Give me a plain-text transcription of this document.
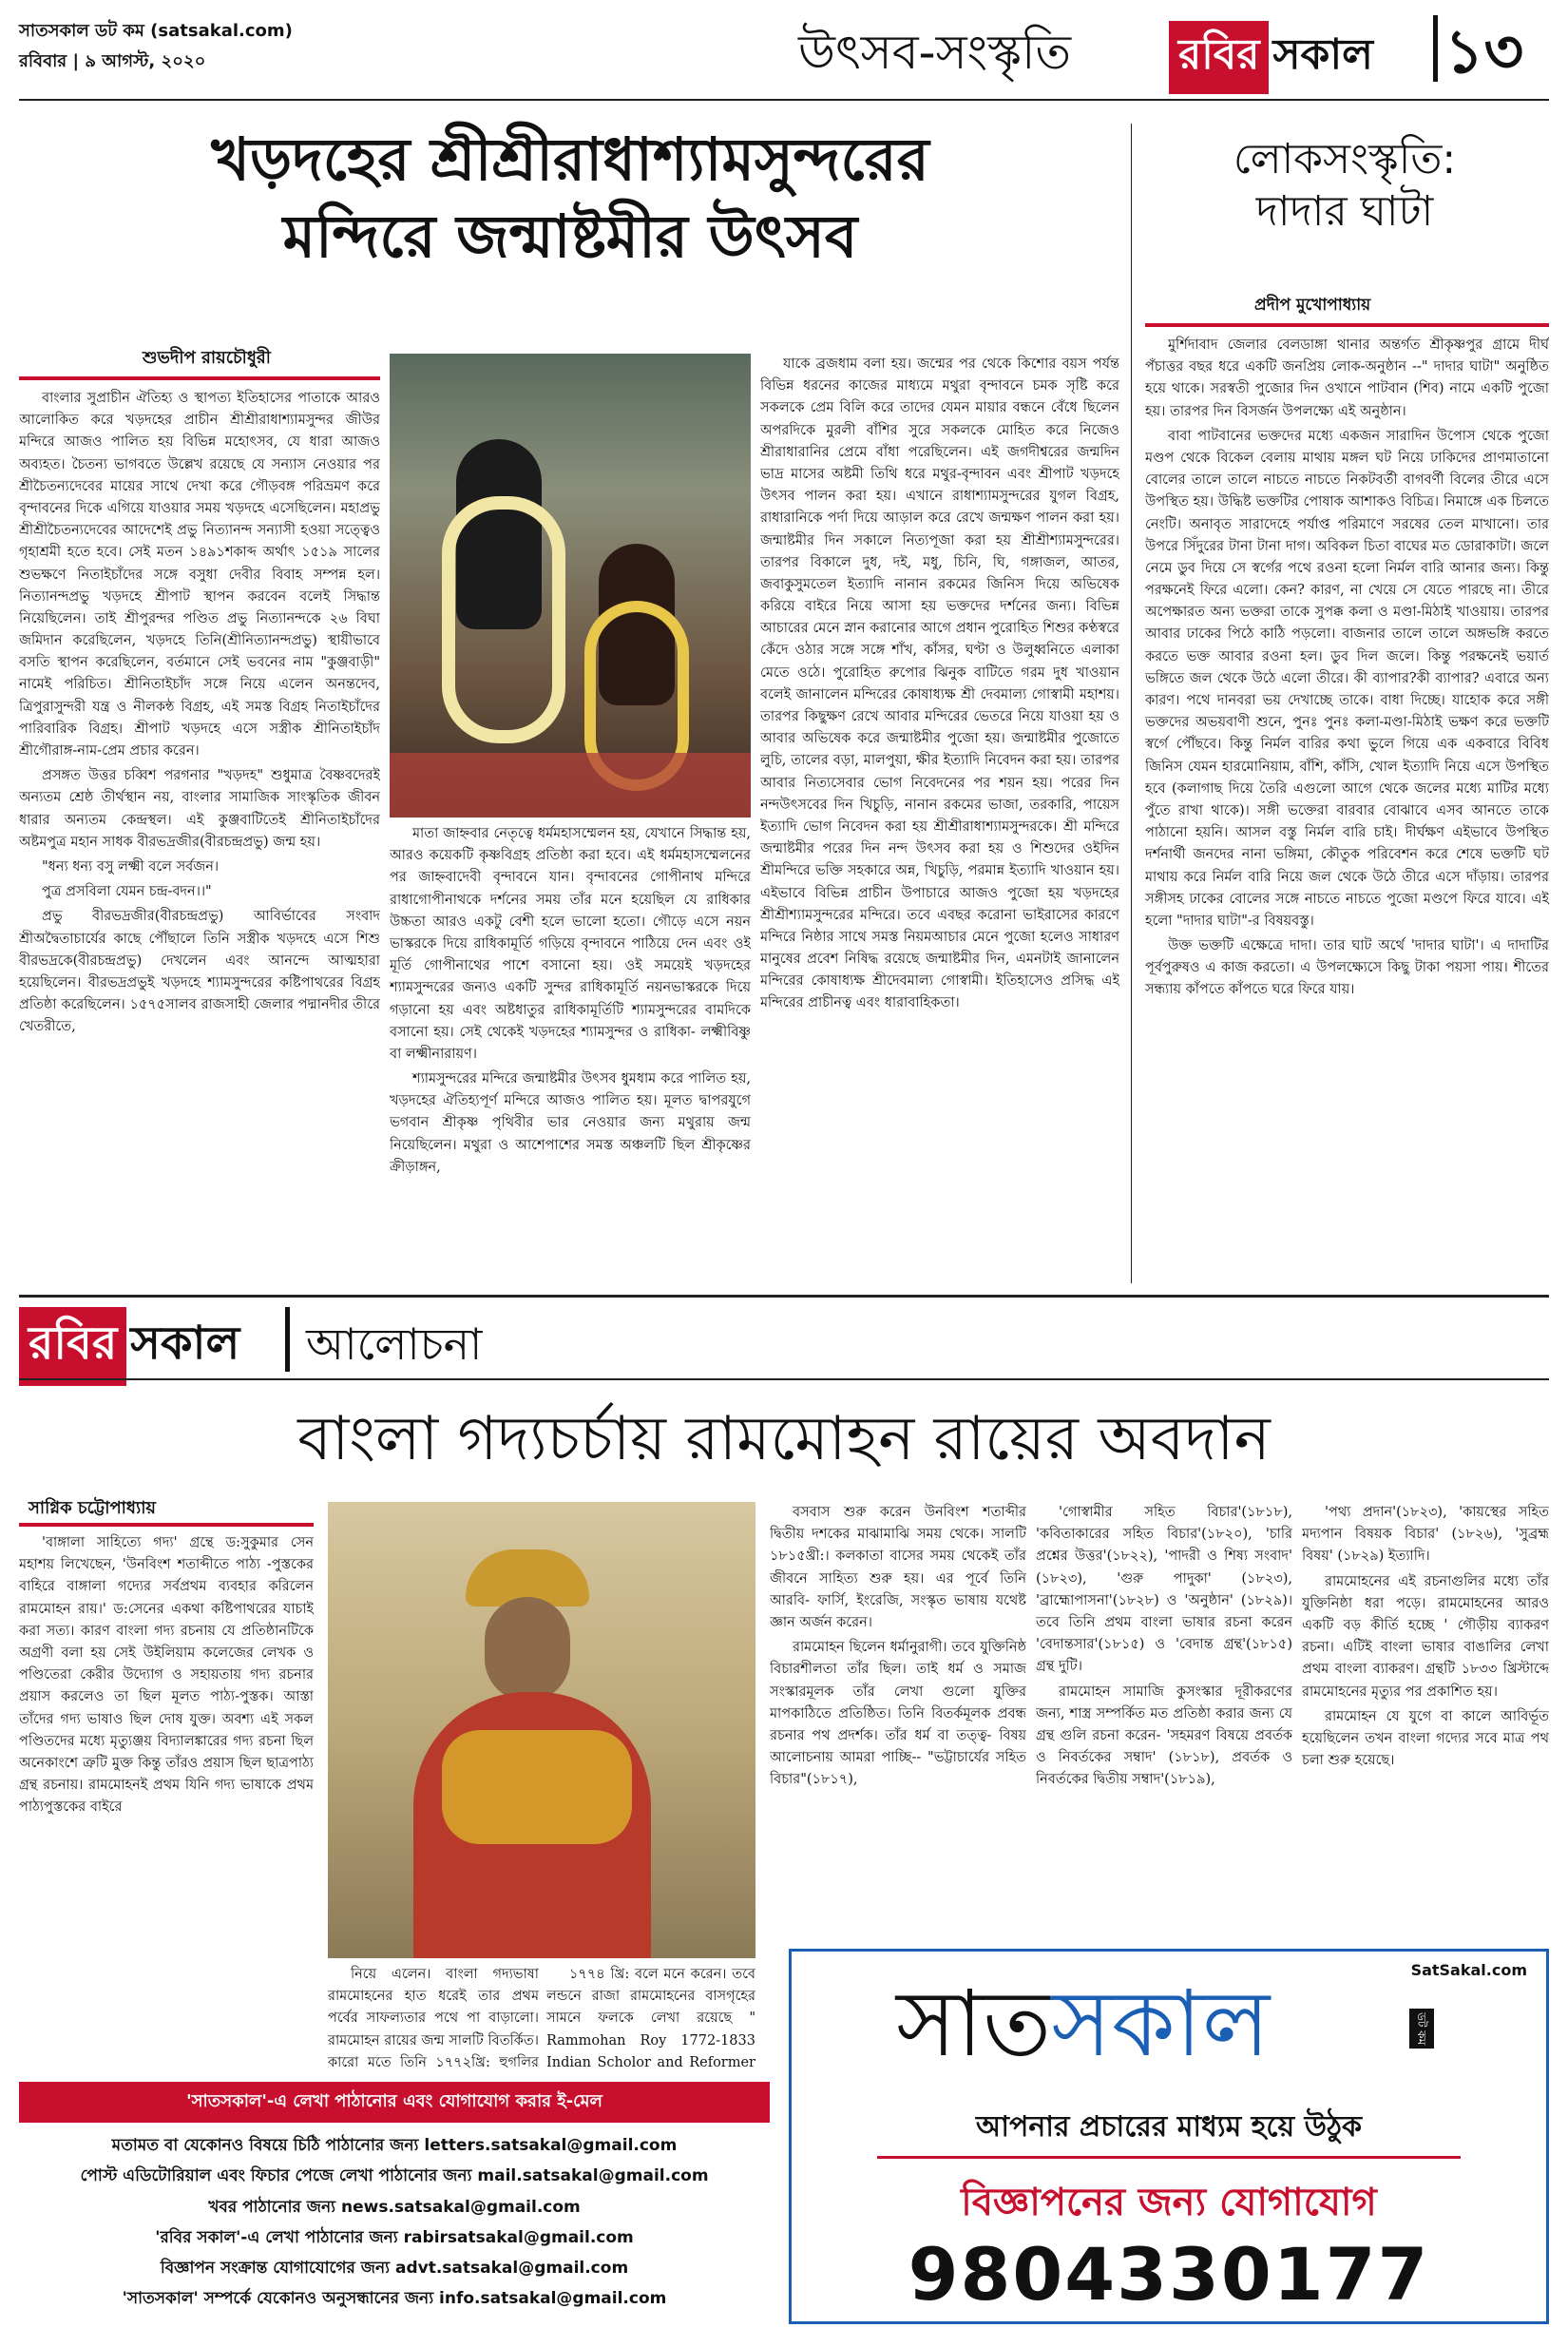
সাতসকাল ডট কম (satsakal.com)
রবিবার | ৯ আগস্ট, ২০২০	উৎসব-সংস্কৃতি	রবির সকাল ১৩
খড়দহের শ্রীশ্রীরাধাশ্যামসুন্দরের
মন্দিরে জন্মাষ্টমীর উৎসব
শুভদীপ রায়চৌধুরী

বাংলার সুপ্রাচীন ঐতিহ্য ও স্থাপত্য ইতিহাসের পাতাকে আরও আলোকিত করে খড়দহের প্রাচীন শ্রীশ্রীরাধাশ্যামসুন্দর জীউর মন্দিরে আজও পালিত হয় বিভিন্ন মহোৎসব, যে ধারা আজও অব্যহত। চৈতন্য ভাগবতে উল্লেখ রয়েছে যে সন্যাস নেওয়ার পর শ্রীচৈতন্যদেবের মায়ের সাথে দেখা করে গৌড়বঙ্গ পরিভ্রমণ করে বৃন্দাবনের দিকে এগিয়ে যাওয়ার সময় খড়দহে এসেছিলেন। মহাপ্রভু শ্রীশ্রীচৈতন্যদেবের আদেশেই প্রভু নিত্যানন্দ সন্যাসী হওয়া সত্ত্বেও গৃহাশ্রমী হতে হবে। সেই মতন ১৪৯১শকাব্দ অর্থাৎ ১৫১৯ সালের শুভক্ষণে নিতাইচাঁদের সঙ্গে বসুধা দেবীর বিবাহ সম্পন্ন হল। নিত্যানন্দপ্রভু খড়দহে শ্রীপাট স্থাপন করবেন বলেই সিদ্ধান্ত নিয়েছিলেন। তাই শ্রীপুরন্দর পণ্ডিত প্রভু নিত্যানন্দকে ২৬ বিঘা জমিদান করেছিলেন, খড়দহে তিনি(শ্রীনিত্যানন্দপ্রভু) স্থায়ীভাবে বসতি স্থাপন করেছিলেন, বর্তমানে সেই ভবনের নাম "কুঞ্জবাড়ী" নামেই পরিচিত। শ্রীনিতাইচাঁদ সঙ্গে নিয়ে এলেন অনন্তদেব, ত্রিপুরাসুন্দরী যন্ত্র ও নীলকন্ঠ বিগ্রহ, এই সমস্ত বিগ্রহ নিতাইচাঁদের পারিবারিক বিগ্রহ। শ্রীপাট খড়দহে এসে সস্ত্রীক শ্রীনিতাইচাঁদ শ্রীগৌরাঙ্গ-নাম-প্রেম প্রচার করেন।

প্রসঙ্গত উত্তর চব্বিশ পরগনার "খড়দহ" শুধুমাত্র বৈষ্ণবদেরই অন্যতম শ্রেষ্ঠ তীর্থস্থান নয়, বাংলার সামাজিক সাংস্কৃতিক জীবন ধারার অন্যতম কেন্দ্রস্থল। এই কুঞ্জবাটিতেই শ্রীনিতাইচাঁদের অষ্টমপুত্র মহান সাধক বীরভদ্রজীর(বীরচন্দ্রপ্রভু) জন্ম হয়।

"ধন্য ধন্য বসু লক্ষ্মী বলে সর্বজন।

পুত্র প্রসবিলা যেমন চন্দ্র-বদন।।"

প্রভু বীরভদ্রজীর(বীরচন্দ্রপ্রভু) আবির্ভাবের সংবাদ শ্রীঅদ্বৈতাচার্যের কাছে পৌঁছালে তিনি সস্ত্রীক খড়দহে এসে শিশু বীরভদ্রকে(বীরচন্দ্রপ্রভু) দেখলেন এবং আনন্দে আত্মহারা হয়েছিলেন। বীরভদ্রপ্রভুই খড়দহে শ্যামসুন্দরের কষ্টিপাথরের বিগ্রহ প্রতিষ্ঠা করেছিলেন। ১৫৭৫সালব রাজসাহী জেলার পদ্মানদীর তীরে খেতরীতে,

মাতা জাহ্নবার নেতৃত্বে ধর্মমহাসম্মেলন হয়, যেখানে সিদ্ধান্ত হয়, আরও কয়েকটি কৃষ্ণবিগ্রহ প্রতিষ্ঠা করা হবে। এই ধর্মমহাসম্মেলনের পর জাহ্নবাদেবী বৃন্দাবনে যান। বৃন্দাবনের গোপীনাথ মন্দিরে রাধাগোপীনাথকে দর্শনের সময় তাঁর মনে হয়েছিল যে রাধিকার উচ্চতা আরও একটু বেশী হলে ভালো হতো। গৌড়ে এসে নয়ন ভাস্করকে দিয়ে রাধিকামূর্তি গড়িয়ে বৃন্দাবনে পাঠিয়ে দেন এবং ওই মূর্তি গোপীনাথের পাশে বসানো হয়। ওই সময়েই খড়দহের শ্যামসুন্দরের জন্যও একটি সুন্দর রাধিকামূর্তি নয়নভাস্করকে দিয়ে গড়ানো হয় এবং অষ্টধাতুর রাধিকামূর্তিটি শ্যামসুন্দরের বামদিকে বসানো হয়। সেই থেকেই খড়দহের শ্যামসুন্দর ও রাধিকা- লক্ষ্মীবিষ্ণু বা লক্ষ্মীনারায়ণ।

শ্যামসুন্দরের মন্দিরে জন্মাষ্টমীর উৎসব ধুমধাম করে পালিত হয়, খড়দহের ঐতিহ্যপূর্ণ মন্দিরে আজও পালিত হয়। মূলত দ্বাপরযুগে ভগবান শ্রীকৃষ্ণ পৃথিবীর ভার নেওয়ার জন্য মথুরায় জন্ম নিয়েছিলেন। মথুরা ও আশেপাশের সমস্ত অঞ্চলটি ছিল শ্রীকৃষ্ণের ক্রীড়াঙ্গন,

যাকে ব্রজধাম বলা হয়। জন্মের পর থেকে কিশোর বয়স পর্যন্ত বিভিন্ন ধরনের কাজের মাধ্যমে মথুরা বৃন্দাবনে চমক সৃষ্টি করে সকলকে প্রেম বিলি করে তাদের যেমন মায়ার বন্ধনে বেঁধে ছিলেন অপরদিকে মুরলী বাঁশির সুরে সকলকে মোহিত করে নিজেও শ্রীরাধারানির প্রেমে বাঁধা পরেছিলেন। এই জগদীশ্বরের জন্মদিন ভাদ্র মাসের অষ্টমী তিথি ধরে মথুর-বৃন্দাবন এবং শ্রীপাট খড়দহে উৎসব পালন করা হয়। এখানে রাধাশ্যামসুন্দরের যুগল বিগ্রহ, রাধারানিকে পর্দা দিয়ে আড়াল করে রেখে জন্মক্ষণ পালন করা হয়। জন্মাষ্টমীর দিন সকালে নিত্যপূজা করা হয় শ্রীশ্রীশ্যামসুন্দরের। তারপর বিকালে দুধ, দই, মধু, চিনি, ঘি, গঙ্গাজল, আতর, জবাকুসুমতেল ইত্যাদি নানান রকমের জিনিস দিয়ে অভিষেক করিয়ে বাইরে নিয়ে আসা হয় ভক্তদের দর্শনের জন্য। বিভিন্ন আচারের মেনে স্নান করানোর আগে প্রধান পুরোহিত শিশুর কণ্ঠস্বরে কেঁদে ওঠার সঙ্গে সঙ্গে শাঁখ, কাঁসর, ঘণ্টা ও উলুধ্বনিতে এলাকা মেতে ওঠে। পুরোহিত রুপোর ঝিনুক বাটিতে গরম দুধ খাওয়ান বলেই জানালেন মন্দিরের কোষাধ্যক্ষ শ্রী দেবমাল্য গোস্বামী মহাশয়। তারপর কিছুক্ষণ রেখে আবার মন্দিরের ভেতরে নিয়ে যাওয়া হয় ও আবার অভিষেক করে জন্মাষ্টমীর পুজো হয়। জন্মাষ্টমীর পুজোতে লুচি, তালের বড়া, মালপুয়া, ক্ষীর ইত্যাদি নিবেদন করা হয়। তারপর আবার নিত্যসেবার ভোগ নিবেদনের পর শয়ন হয়। পরের দিন নন্দউৎসবের দিন খিচুড়ি, নানান রকমের ভাজা, তরকারি, পায়েস ইত্যাদি ভোগ নিবেদন করা হয় শ্রীশ্রীরাধাশ্যামসুন্দরকে। শ্রী মন্দিরে জন্মাষ্টমীর পরের দিন নন্দ উৎসব করা হয় ও শিশুদের ওইদিন শ্রীমন্দিরে ভক্তি সহকারে অন্ন, খিচুড়ি, পরমান্ন ইত্যাদি খাওয়ান হয়। এইভাবে বিভিন্ন প্রাচীন উপাচারে আজও পুজো হয় খড়দহের শ্রীশ্রীশ্যামসুন্দরের মন্দিরে। তবে এবছর করোনা ভাইরাসের কারণে মন্দিরে নিষ্ঠার সাথে সমস্ত নিয়মআচার মেনে পুজো হলেও সাধারণ মানুষের প্রবেশ নিষিদ্ধ রয়েছে জন্মাষ্টমীর দিন, এমনটাই জানালেন মন্দিরের কোষাধ্যক্ষ শ্রীদেবমাল্য গোস্বামী। ইতিহাসেও প্রসিদ্ধ এই মন্দিরের প্রাচীনত্ব এবং ধারাবাহিকতা।

লোকসংস্কৃতি:
দাদার ঘাটা
প্রদীপ মুখোপাধ্যায়

মুর্শিদাবাদ জেলার বেলডাঙ্গা থানার অন্তর্গত শ্রীকৃষ্ণপুর গ্রামে দীর্ঘ পঁচাত্তর বছর ধরে একটি জনপ্রিয় লোক-অনুষ্ঠান --" দাদার ঘাটা" অনুষ্ঠিত হয়ে থাকে। সরস্বতী পুজোর দিন ওখানে পাটবান (শিব) নামে একটি পুজো হয়। তারপর দিন বিসর্জন উপলক্ষ্যে এই অনুষ্ঠান।

বাবা পাটবানের ভক্তদের মধ্যে একজন সারাদিন উপোস থেকে পুজো মণ্ডপ থেকে বিকেল বেলায় মাথায় মঙ্গল ঘট নিয়ে ঢাকিদের প্রাণমাতানো বোলের তালে তালে নাচতে নাচতে নিকটবর্তী বাগবর্ণী বিলের তীরে এসে উপস্থিত হয়। উদ্ধিষ্ট ভক্তটির পোষাক আশাকও বিচিত্র। নিমাঙ্গে এক চিলতে নেংটি। অনাবৃত সারাদেহে পর্যাপ্ত পরিমাণে সরষের তেল মাখানো। তার উপরে সিঁদুরের টানা টানা দাগ। অবিকল চিতা বাঘের মত ডোরাকাটা। জলে নেমে ডুব দিয়ে সে স্বর্গের পথে রওনা হলো নির্মল বারি আনার জন্য। কিন্তু পরক্ষনেই ফিরে এলো। কেন? কারণ, না খেয়ে সে যেতে পারছে না। তীরে অপেক্ষারত অন্য ভক্তরা তাকে সুপক্ক কলা ও মণ্ডা-মিঠাই খাওয়ায়। তারপর আবার ঢাকের পিঠে কাঠি পড়লো। বাজনার তালে তালে অঙ্গভঙ্গি করতে করতে ভক্ত আবার রওনা হল। ডুব দিল জলে। কিন্তু পরক্ষনেই ভয়ার্ত ভঙ্গিতে জল থেকে উঠে এলো তীরে। কী ব্যাপার?কী ব্যাপার? এবারে অন্য কারণ। পথে দানবরা ভয় দেখাচ্ছে তাকে। বাধা দিচ্ছে। যাহোক করে সঙ্গী ভক্তদের অভয়বাণী শুনে, পুনঃ পুনঃ কলা-মণ্ডা-মিঠাই ভক্ষণ করে ভক্তটি স্বর্গে পৌঁছবে। কিন্তু নির্মল বারির কথা ভুলে গিয়ে এক একবারে বিবিধ জিনিস যেমন হারমোনিয়াম, বাঁশি, কাঁসি, খোল ইত্যাদি নিয়ে এসে উপস্থিত হবে (কলাগাছ দিয়ে তৈরি এগুলো আগে থেকে জলের মধ্যে মাটির মধ্যে পুঁতে রাখা থাকে)। সঙ্গী ভক্তেরা বারবার বোঝাবে এসব আনতে তাকে পাঠানো হয়নি। আসল বস্তু নির্মল বারি চাই। দীর্ঘক্ষণ এইভাবে উপস্থিত দর্শনার্থী জনদের নানা ভঙ্গিমা, কৌতুক পরিবেশন করে শেষে ভক্তটি ঘট মাথায় করে নির্মল বারি নিয়ে জল থেকে উঠে তীরে এসে দাঁড়ায়। তারপর সঙ্গীসহ ঢাকের বোলের সঙ্গে নাচতে নাচতে পুজো মণ্ডপে ফিরে যাবে। এই হলো "দাদার ঘাটা"-র বিষয়বস্তু।

উক্ত ভক্তটি এক্ষেত্রে দাদা। তার ঘাট অর্থে 'দাদার ঘাটা'। এ দাদাটির পূর্বপুরুষও এ কাজ করতো। এ উপলক্ষ্যেসে কিছু টাকা পয়সা পায়। শীতের সন্ধ্যায় কাঁপতে কাঁপতে ঘরে ফিরে যায়।

রবির সকাল আলোচনা
বাংলা গদ্যচর্চায় রামমোহন রায়ের অবদান
সাগ্নিক চট্টোপাধ্যায়

'বাঙ্গালা সাহিত্যে গদ্য' গ্রন্থে ড:সুকুমার সেন মহাশয় লিখেছেন, 'উনবিংশ শতাব্দীতে পাঠ্য -পুস্তকের বাহিরে বাঙ্গালা গদ্যের সর্বপ্রথম ব্যবহার করিলেন রামমোহন রায়।' ড:সেনের একথা কষ্টিপাথরের যাচাই করা সত্য। কারণ বাংলা গদ্য রচনায় যে প্রতিষ্ঠানটিকে অগ্রণী বলা হয় সেই উইলিয়াম কলেজের লেখক ও পণ্ডিতেরা কেরীর উদ্যোগ ও সহায়তায় গদ্য রচনার প্রয়াস করলেও তা ছিল মূলত পাঠ্য-পুস্তক। আস্তা তাঁদের গদ্য ভাষাও ছিল দোষ যুক্ত। অবশ্য এই সকল পণ্ডিতদের মধ্যে মৃত্যুঞ্জয় বিদ্যালঙ্কারের গদ্য রচনা ছিল অনেকাংশে ত্রুটি মুক্ত কিন্তু তাঁরও প্রয়াস ছিল ছাত্রপাঠ্য গ্রন্থ রচনায়। রামমোহনই প্রথম যিনি গদ্য ভাষাকে প্রথম পাঠ্যপুস্তকের বাইরে

নিয়ে এলেন। বাংলা গদ্যভাষা রামমোহনের হাত ধরেই তার প্রথম পর্বের সাফল্যতার পথে পা বাড়ালো।রামমোহন রায়ের জন্ম সালটি বিতর্কিত। কারো মতে তিনি ১৭৭২খ্রি: হুগলির

১৭৭৪ খ্রি: বলে মনে করেন। তবে লন্ডনে রাজা রামমোহনের বাসগৃহের সামনে ফলকে লেখা রয়েছে " Rammohan Roy 1772-1833 Indian Scholor and Reformer

বসবাস শুরু করেন উনবিংশ শতাব্দীর দ্বিতীয় দশকের মাঝামাঝি সময় থেকে। সালটি ১৮১৫খ্রী:। কলকাতা বাসের সময় থেকেই তাঁর জীবনে সাহিত্য শুরু হয়। এর পূর্বে তিনি আরবি- ফার্সি, ইংরেজি, সংস্কৃত ভাষায় যথেষ্ট জ্ঞান অর্জন করেন।

রামমোহন ছিলেন ধর্মানুরাগী। তবে যুক্তিনিষ্ঠ বিচারশীলতা তাঁর ছিল। তাই ধর্ম ও সমাজ সংস্কারমূলক তাঁর লেখা গুলো যুক্তির মাপকাঠিতে প্রতিষ্ঠিত। তিনি বিতর্কমূলক প্রবন্ধ রচনার পথ প্রদর্শক। তাঁর ধর্ম বা তত্ত্ব- বিষয় আলোচনায় আমরা পাচ্ছি-- "ভট্টাচার্যের সহিত বিচার"(১৮১৭),

'গোস্বামীর সহিত বিচার'(১৮১৮), 'কবিতাকারের সহিত বিচার'(১৮২০), 'চারি প্রশ্নের উত্তর'(১৮২২), 'পাদরী ও শিষ্য সংবাদ' (১৮২৩), 'গুরু পাদুকা' (১৮২৩), 'ব্রাহ্মোপাসনা'(১৮২৮) ও 'অনুষ্ঠান' (১৮২৯)। তবে তিনি প্রথম বাংলা ভাষার রচনা করেন 'বেদান্তসার'(১৮১৫) ও 'বেদান্ত গ্রন্থ'(১৮১৫) গ্রন্থ দুটি।

রামমোহন সামাজি কুসংস্কার দূরীকরণের জন্য, শাস্ত্র সম্পর্কিত মত প্রতিষ্ঠা করার জন্য যে গ্রন্থ গুলি রচনা করেন- 'সহমরণ বিষয়ে প্রবর্তক ও নিবর্তকের সম্বাদ' (১৮১৮), প্রবর্তক ও নিবর্তকের দ্বিতীয় সম্বাদ'(১৮১৯),

'পথ্য প্রদান'(১৮২৩), 'কায়স্থের সহিত মদ্যপান বিষয়ক বিচার' (১৮২৬), 'সুব্রহ্ম বিষয়' (১৮২৯) ইত্যাদি।

রামমোহনের এই রচনাগুলির মধ্যে তাঁর যুক্তিনিষ্ঠা ধরা পড়ে। রামমোহনের আরও একটি বড় কীর্তি হচ্ছে ' গৌড়ীয় ব্যাকরণ রচনা। এটিই বাংলা ভাষার বাঙালির লেখা প্রথম বাংলা ব্যাকরণ। গ্রন্থটি ১৮৩৩ খ্রিস্টাব্দে রামমোহনের মৃত্যুর পর প্রকাশিত হয়।

রামমোহন যে যুগে বা কালে আবির্ভূত হয়েছিলেন তখন বাংলা গদ্যের সবে মাত্র পথ চলা শুরু হয়েছে।

'সাতসকাল'-এ লেখা পাঠানোর এবং যোগাযোগ করার ই-মেল
মতামত বা যেকোনও বিষয়ে চিঠি পাঠানোর জন্য letters.satsakal@gmail.com
পোস্ট এডিটোরিয়াল এবং ফিচার পেজে লেখা পাঠানোর জন্য mail.satsakal@gmail.com
খবর পাঠানোর জন্য news.satsakal@gmail.com
'রবির সকাল'-এ লেখা পাঠানোর জন্য rabirsatsakal@gmail.com
বিজ্ঞাপন সংক্রান্ত যোগাযোগের জন্য advt.satsakal@gmail.com
'সাতসকাল' সম্পর্কে যেকোনও অনুসন্ধানের জন্য info.satsakal@gmail.com
SatSakal.com
সাতসকাল	ডট কম
আপনার প্রচারের মাধ্যম হয়ে উঠুক
বিজ্ঞাপনের জন্য যোগাযোগ
9804330177
